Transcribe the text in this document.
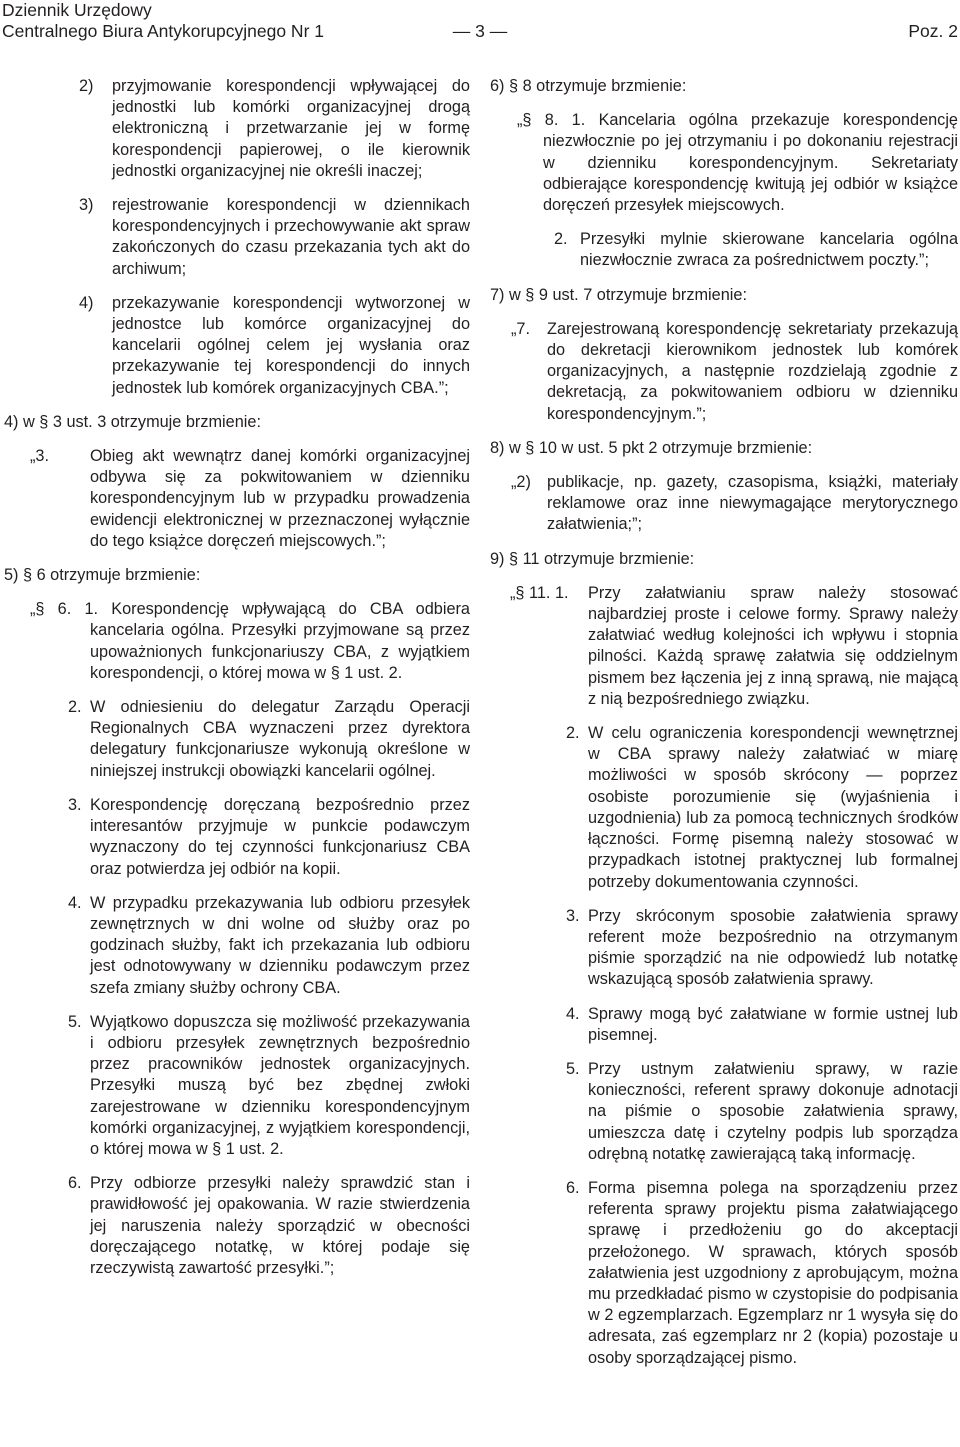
Dziennik Urzędowy
Centralnego Biura Antykorupcyjnego Nr 1	— 3 —	Poz. 2

2) przyjmowanie korespondencji wpływającej do jednostki lub komórki organizacyjnej drogą elektroniczną i przetwarzanie jej w formę korespondencji papierowej, o ile kierownik jednostki organizacyjnej nie określi inaczej;

3) rejestrowanie korespondencji w dziennikach korespondencyjnych i przechowywanie akt spraw zakończonych do czasu przekazania tych akt do archiwum;

4) przekazywanie korespondencji wytworzonej w jednostce lub komórce organizacyjnej do kancelarii ogólnej celem jej wysłania oraz przekazywanie tej korespondencji do innych jednostek lub komórek organizacyjnych CBA.”;

4) w § 3 ust. 3 otrzymuje brzmienie:

„3.	Obieg akt wewnątrz danej komórki organizacyjnej odbywa się za pokwitowaniem w dzienniku korespondencyjnym lub w przypadku prowadzenia ewidencji elektronicznej w przeznaczonej wyłącznie do tego książce doręczeń miejscowych.”;

5) § 6 otrzymuje brzmienie:

„§ 6. 1. Korespondencję wpływającą do CBA odbiera kancelaria ogólna. Przesyłki przyjmowane są przez upoważnionych funkcjonariuszy CBA, z wyjątkiem korespondencji, o której mowa w § 1 ust. 2.

2. W odniesieniu do delegatur Zarządu Operacji Regionalnych CBA wyznaczeni przez dyrektora delegatury funkcjonariusze wykonują określone w niniejszej instrukcji obowiązki kancelarii ogólnej.

3. Korespondencję doręczaną bezpośrednio przez interesantów przyjmuje w punkcie podawczym wyznaczony do tej czynności funkcjonariusz CBA oraz potwierdza jej odbiór na kopii.

4. W przypadku przekazywania lub odbioru przesyłek zewnętrznych w dni wolne od służby oraz po godzinach służby, fakt ich przekazania lub odbioru jest odnotowywany w dzienniku podawczym przez szefa zmiany służby ochrony CBA.

5. Wyjątkowo dopuszcza się możliwość przekazywania i odbioru przesyłek zewnętrznych bezpośrednio przez pracowników jednostek organizacyjnych. Przesyłki muszą być bez zbędnej zwłoki zarejestrowane w dzienniku korespondencyjnym komórki organizacyjnej, z wyjątkiem korespondencji, o której mowa w § 1 ust. 2.

6. Przy odbiorze przesyłki należy sprawdzić stan i prawidłowość jej opakowania. W razie stwierdzenia jej naruszenia należy sporządzić w obecności doręczającego notatkę, w której podaje się rzeczywistą zawartość przesyłki.”;

6) § 8 otrzymuje brzmienie:

„§ 8. 1. Kancelaria ogólna przekazuje korespondencję niezwłocznie po jej otrzymaniu i po dokonaniu rejestracji w dzienniku korespondencyjnym. Sekretariaty odbierające korespondencję kwitują jej odbiór w książce doręczeń przesyłek miejscowych.

2. Przesyłki mylnie skierowane kancelaria ogólna niezwłocznie zwraca za pośrednictwem poczty.”;

7) w § 9 ust. 7 otrzymuje brzmienie:

„7. Zarejestrowaną korespondencję sekretariaty przekazują do dekretacji kierownikom jednostek lub komórek organizacyjnych, a następnie rozdzielają zgodnie z dekretacją, za pokwitowaniem odbioru w dzienniku korespondencyjnym.”;

8) w § 10 w ust. 5 pkt 2 otrzymuje brzmienie:

„2) publikacje, np. gazety, czasopisma, książki, materiały reklamowe oraz inne niewymagające merytorycznego załatwienia;”;

9) § 11 otrzymuje brzmienie:

„§ 11. 1. Przy załatwianiu spraw należy stosować najbardziej proste i celowe formy. Sprawy należy załatwiać według kolejności ich wpływu i stopnia pilności. Każdą sprawę załatwia się oddzielnym pismem bez łączenia jej z inną sprawą, nie mającą z nią bezpośredniego związku.

2. W celu ograniczenia korespondencji wewnętrznej w CBA sprawy należy załatwiać w miarę możliwości w sposób skrócony — poprzez osobiste porozumienie się (wyjaśnienia i uzgodnienia) lub za pomocą technicznych środków łączności. Formę pisemną należy stosować w przypadkach istotnej praktycznej lub formalnej potrzeby dokumentowania czynności.

3. Przy skróconym sposobie załatwienia sprawy referent może bezpośrednio na otrzymanym piśmie sporządzić na nie odpowiedź lub notatkę wskazującą sposób załatwienia sprawy.

4. Sprawy mogą być załatwiane w formie ustnej lub pisemnej.

5. Przy ustnym załatwieniu sprawy, w razie konieczności, referent sprawy dokonuje adnotacji na piśmie o sposobie załatwienia sprawy, umieszcza datę i czytelny podpis lub sporządza odrębną notatkę zawierającą taką informację.

6. Forma pisemna polega na sporządzeniu przez referenta sprawy projektu pisma załatwiającego sprawę i przedłożeniu go do akceptacji przełożonego. W sprawach, których sposób załatwienia jest uzgodniony z aprobującym, można mu przedkładać pismo w czystopisie do podpisania w 2 egzemplarzach. Egzemplarz nr 1 wysyła się do adresata, zaś egzemplarz nr 2 (kopia) pozostaje u osoby sporządzającej pismo.
